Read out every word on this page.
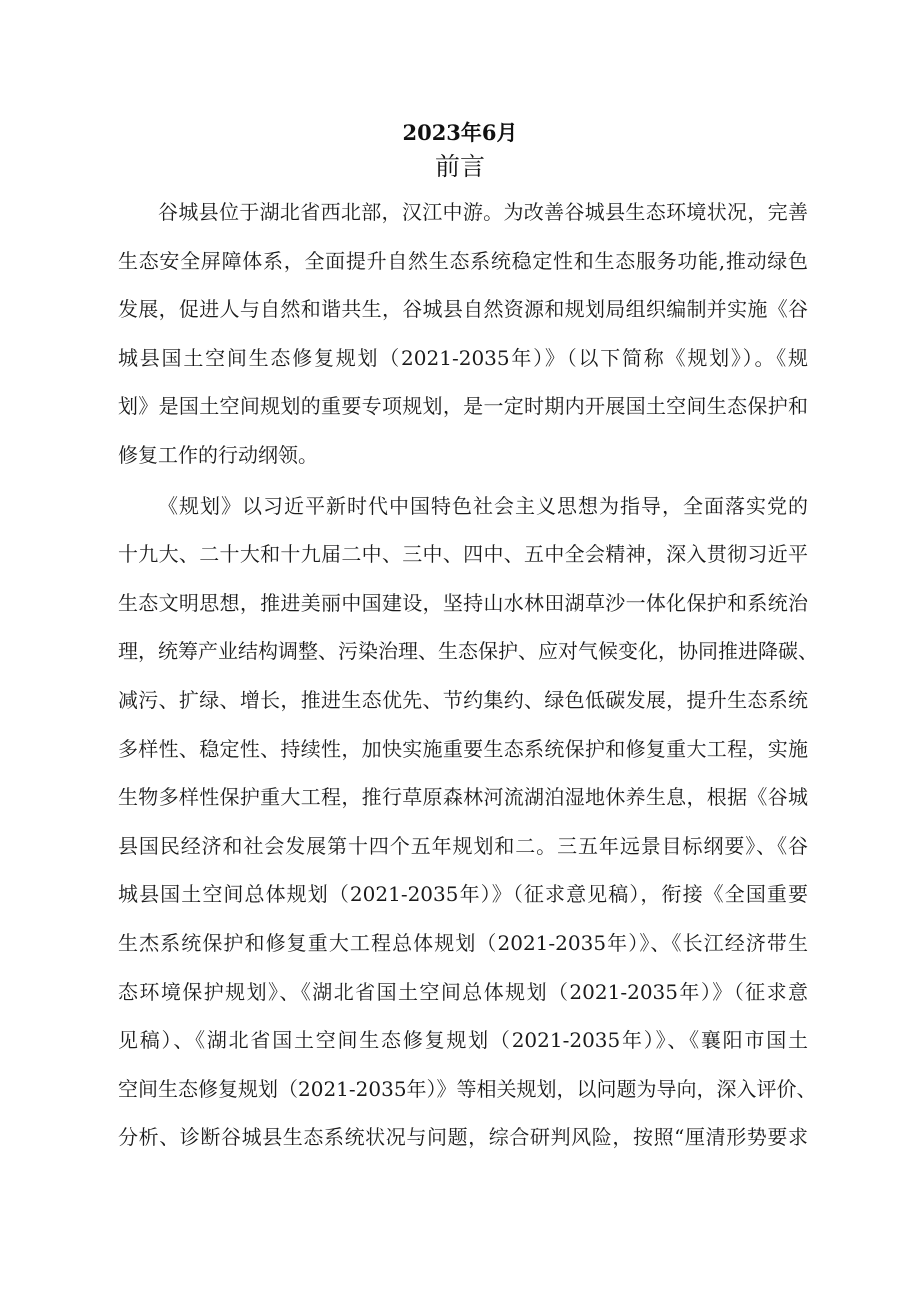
2023年6月
前言
谷城县位于湖北省西北部，汉江中游。为改善谷城县生态环境状况，完善
生态安全屏障体系，全面提升自然生态系统稳定性和生态服务功能,推动绿色
发展，促进人与自然和谐共生，谷城县自然资源和规划局组织编制并实施《谷
城县国土空间生态修复规划（2021-2035年）》（以下简称《规划》）。《规
划》是国土空间规划的重要专项规划，是一定时期内开展国土空间生态保护和
修复工作的行动纲领。
《规划》以习近平新时代中国特色社会主义思想为指导，全面落实党的
十九大、二十大和十九届二中、三中、四中、五中全会精神，深入贯彻习近平
生态文明思想，推进美丽中国建设，坚持山水林田湖草沙一体化保护和系统治
理，统筹产业结构调整、污染治理、生态保护、应对气候变化，协同推进降碳、
减污、扩绿、增长，推进生态优先、节约集约、绿色低碳发展，提升生态系统
多样性、稳定性、持续性，加快实施重要生态系统保护和修复重大工程，实施
生物多样性保护重大工程，推行草原森林河流湖泊湿地休养生息，根据《谷城
县国民经济和社会发展第十四个五年规划和二。三五年远景目标纲要》、《谷
城县国土空间总体规划（2021-2035年）》（征求意见稿），衔接《全国重要
生杰系统保护和修复重大工程总体规划（2021-2035年）》、《长江经济带生
态环境保护规划》、《湖北省国土空间总体规划（2021-2035年）》（征求意
见稿）、《湖北省国土空间生态修复规划（2021-2035年）》、《襄阳市国土
空间生态修复规划（2021-2035年）》等相关规划，以问题为导向，深入评价、
分析、诊断谷城县生态系统状况与问题，综合研判风险，按照“厘清形势要求
